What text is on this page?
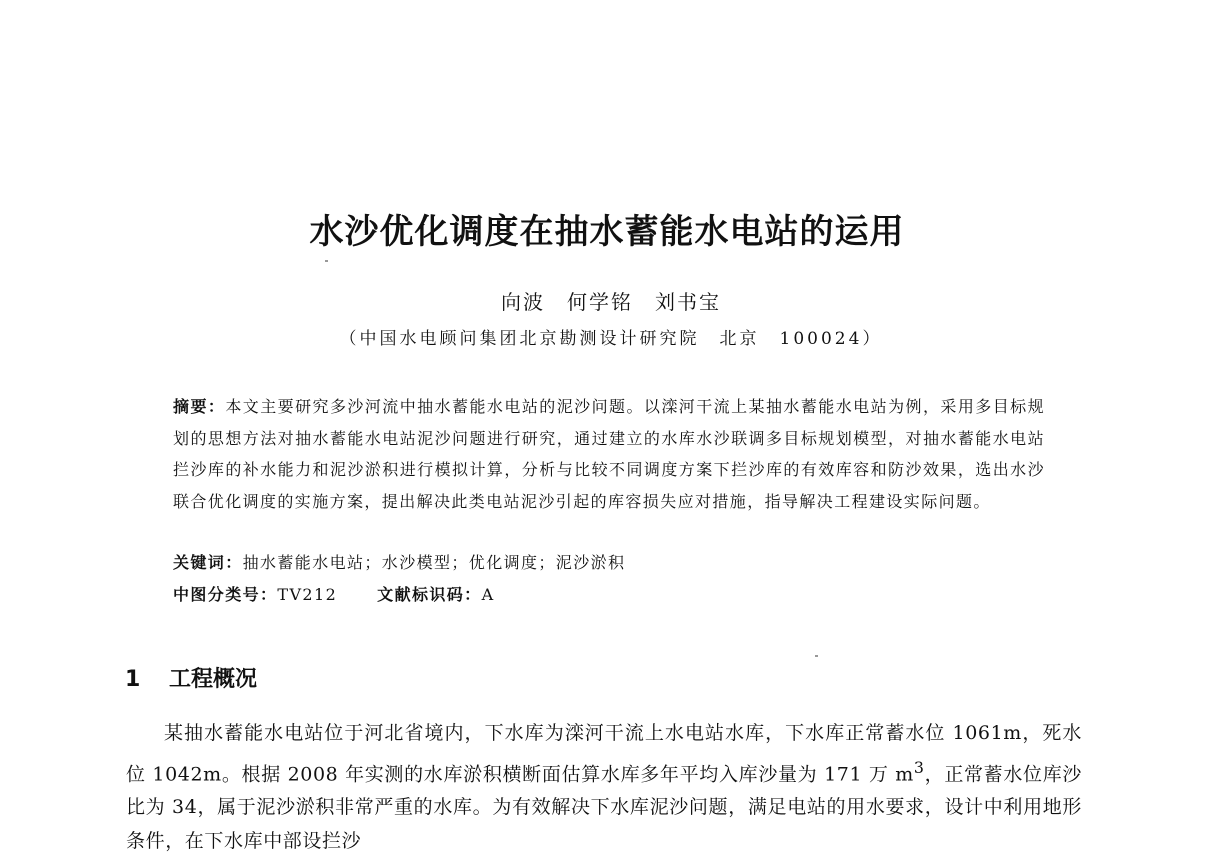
水沙优化调度在抽水蓄能水电站的运用
向波　何学铭　刘书宝
（中国水电顾问集团北京勘测设计研究院　北京　100024）
摘要：本文主要研究多沙河流中抽水蓄能水电站的泥沙问题。以滦河干流上某抽水蓄能水电站为例，采用多目标规划的思想方法对抽水蓄能水电站泥沙问题进行研究，通过建立的水库水沙联调多目标规划模型，对抽水蓄能水电站拦沙库的补水能力和泥沙淤积进行模拟计算，分析与比较不同调度方案下拦沙库的有效库容和防沙效果，选出水沙联合优化调度的实施方案，提出解决此类电站泥沙引起的库容损失应对措施，指导解决工程建设实际问题。
关键词：抽水蓄能水电站；水沙模型；优化调度；泥沙淤积
中图分类号：TV212	文献标识码：A
1 工程概况
某抽水蓄能水电站位于河北省境内，下水库为滦河干流上水电站水库，下水库正常蓄水位 1061m，死水位 1042m。根据 2008 年实测的水库淤积横断面估算水库多年平均入库沙量为 171 万 $m^3$，正常蓄水位库沙比为 34，属于泥沙淤积非常严重的水库。为有效解决下水库泥沙问题，满足电站的用水要求，设计中利用地形条件，在下水库中部设拦沙
